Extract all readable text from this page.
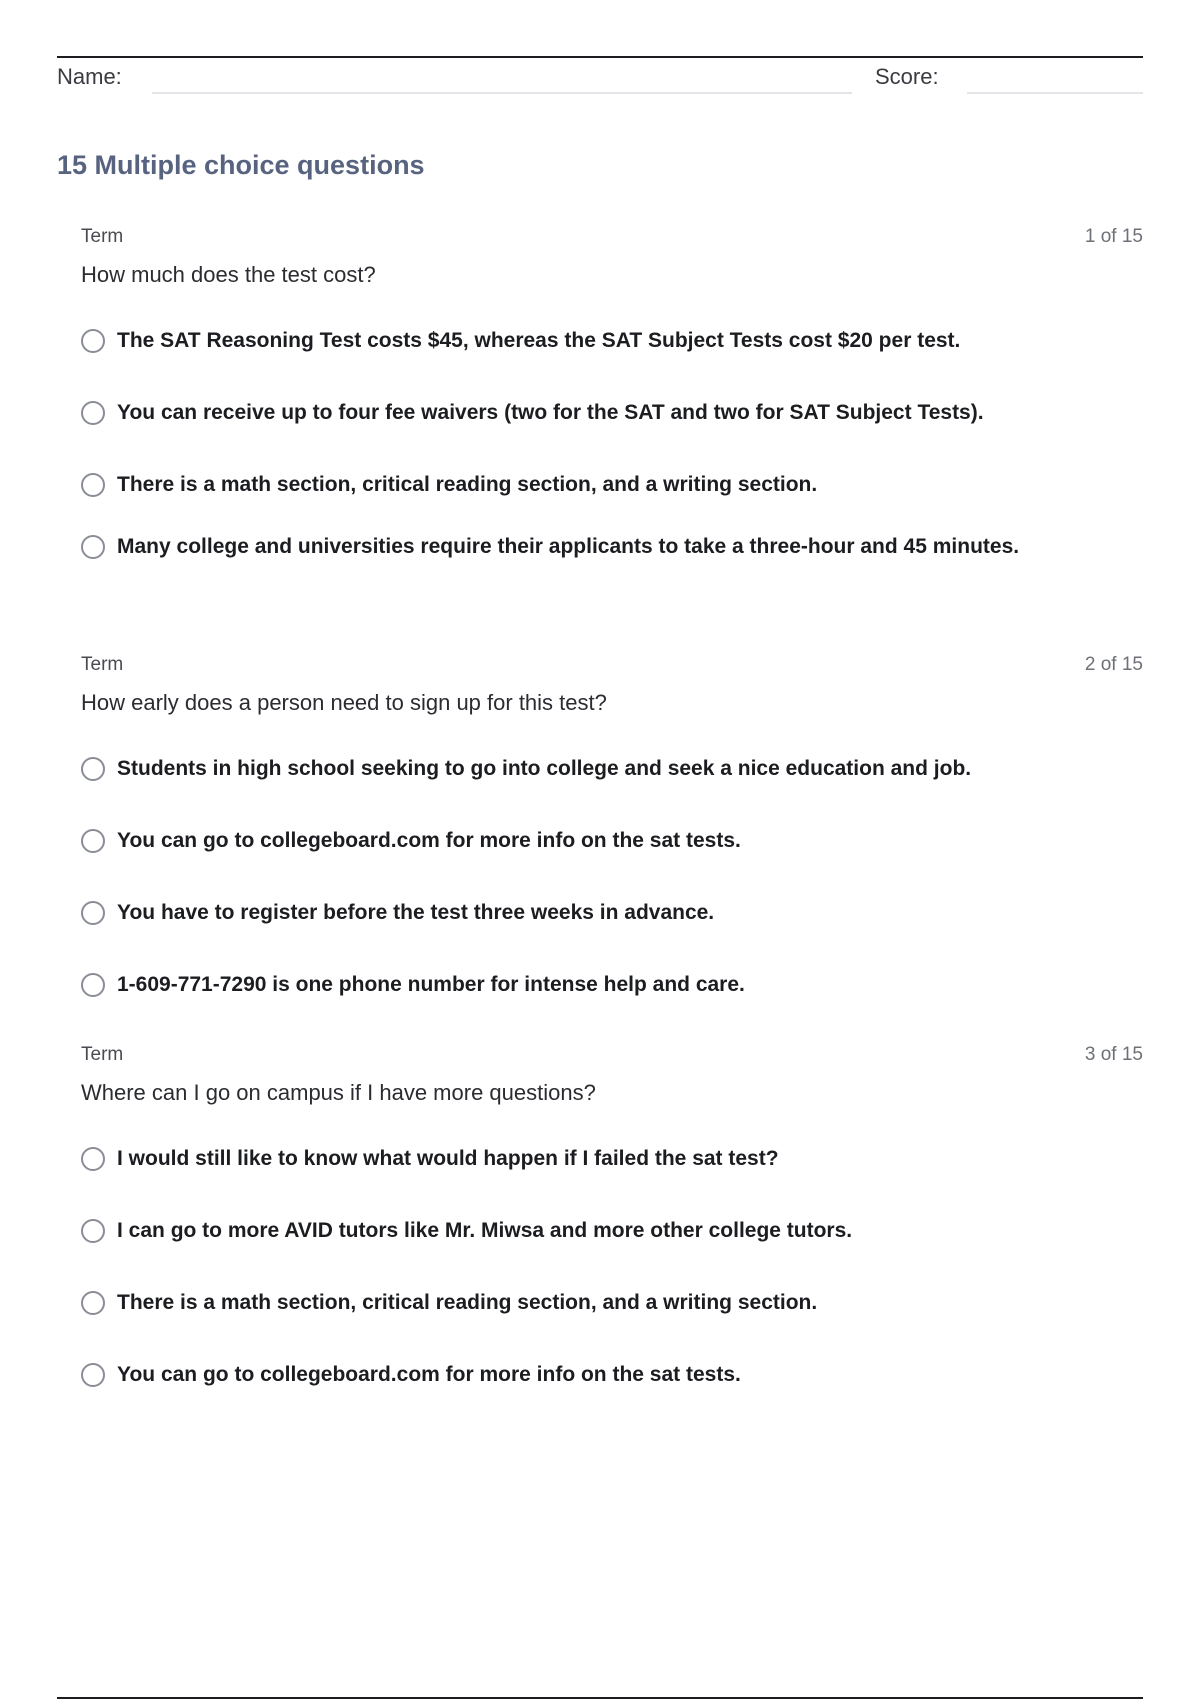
Name:	Score:
15 Multiple choice questions
Term	1 of 15
How much does the test cost?
The SAT Reasoning Test costs $45, whereas the SAT Subject Tests cost $20 per test.
You can receive up to four fee waivers (two for the SAT and two for SAT Subject Tests).
There is a math section, critical reading section, and a writing section.
Many college and universities require their applicants to take a three-hour and 45 minutes.
Term	2 of 15
How early does a person need to sign up for this test?
Students in high school seeking to go into college and seek a nice education and job.
You can go to collegeboard.com for more info on the sat tests.
You have to register before the test three weeks in advance.
1-609-771-7290 is one phone number for intense help and care.
Term	3 of 15
Where can I go on campus if I have more questions?
I would still like to know what would happen if I failed the sat test?
I can go to more AVID tutors like Mr. Miwsa and more other college tutors.
There is a math section, critical reading section, and a writing section.
You can go to collegeboard.com for more info on the sat tests.
